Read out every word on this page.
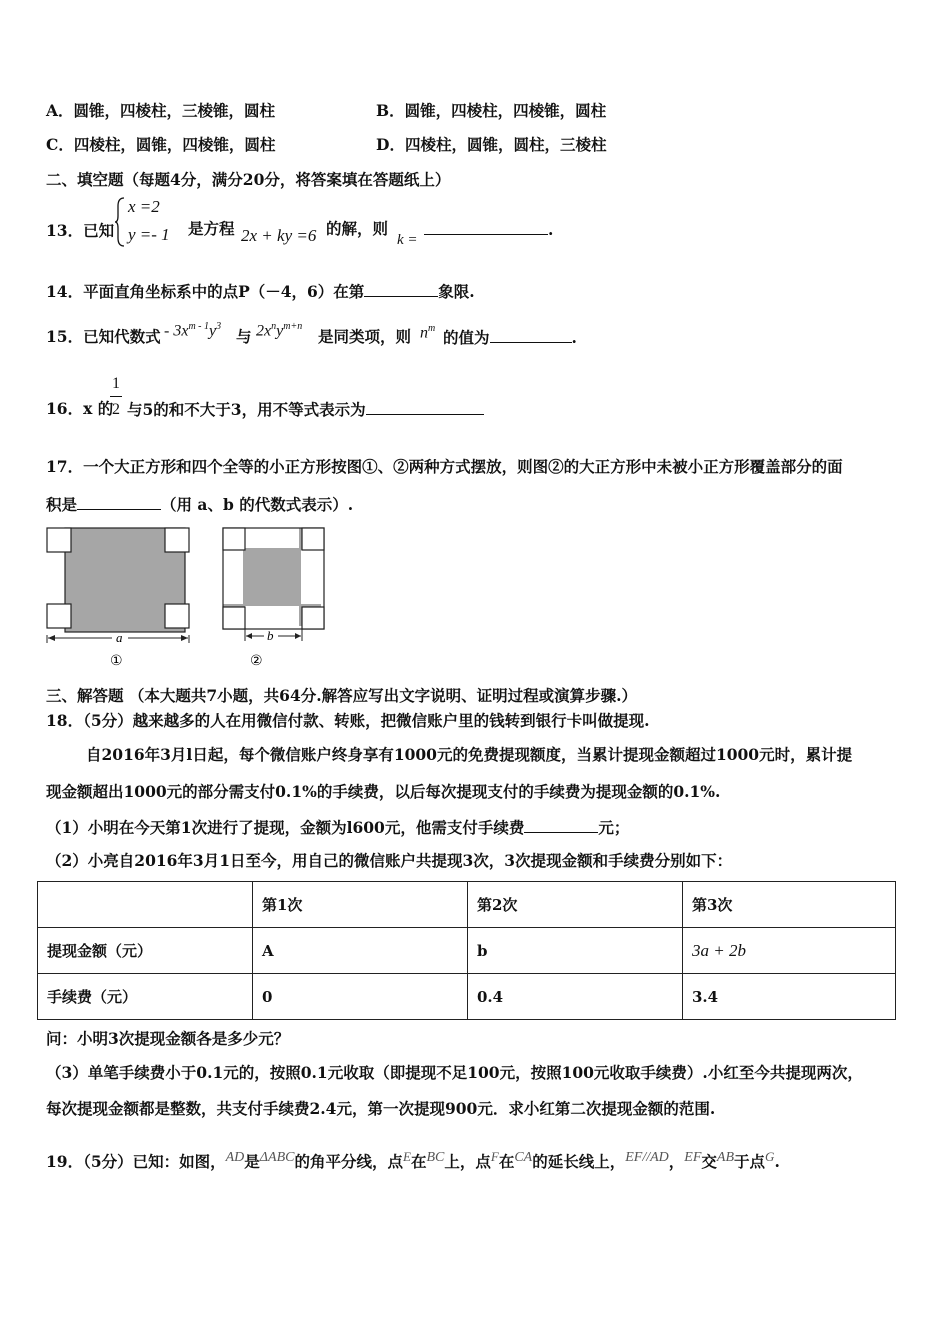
A．圆锥，四棱柱，三棱锥，圆柱	B．圆锥，四棱柱，四棱锥，圆柱
C．四棱柱，圆锥，四棱锥，圆柱	D．四棱柱，圆锥，圆柱，三棱柱
二、填空题（每题4分，满分20分，将答案填在答题纸上）
13．已知
x =2
y =- 1 是方程 2x + ky =6 的解，则
k =
.
14．平面直角坐标系中的点P（－4，6）在第	象限.
15．已知代数式 - $3x^{m - 1}y^3$
与 $2x^ny^{m+n}$
是同类项，则 $n^m$ 的值为	.
16．x 的
1
2 与5的和不大于3，用不等式表示为
17．一个大正方形和四个全等的小正方形按图①、②两种方式摆放，则图②的大正方形中未被小正方形覆盖部分的面
积是	（用 a、b 的代数式表示）.
a
①
b
②
三、解答题 （本大题共7小题，共64分.解答应写出文字说明、证明过程或演算步骤.）
18．（5分）越来越多的人在用微信付款、转账，把微信账户里的钱转到银行卡叫做提现.
自2016年3月l日起，每个微信账户终身享有1000元的免费提现额度，当累计提现金额超过1000元时，累计提
现金额超出1000元的部分需支付0.1%的手续费，以后每次提现支付的手续费为提现金额的0.1%.
（1）小明在今天第1次进行了提现，金额为l600元，他需支付手续费	元；
（2）小亮自2016年3月1日至今，用自己的微信账户共提现3次，3次提现金额和手续费分别如下：
	第1次	第2次	第3次
提现金额（元）	A	b	3a + 2b
手续费（元）	0	0.4	3.4
问：小明3次提现金额各是多少元？
（3）单笔手续费小于0.1元的，按照0.1元收取（即提现不足100元，按照100元收取手续费）.小红至今共提现两次，
每次提现金额都是整数，共支付手续费2.4元，第一次提现900元．求小红第二次提现金额的范围.
19．（5分）已知：如图，AD是ΔABC的角平分线，点$^E$在BC上，点$^F$在CA的延长线上，EF//AD，EF交AB于点$^G$.
